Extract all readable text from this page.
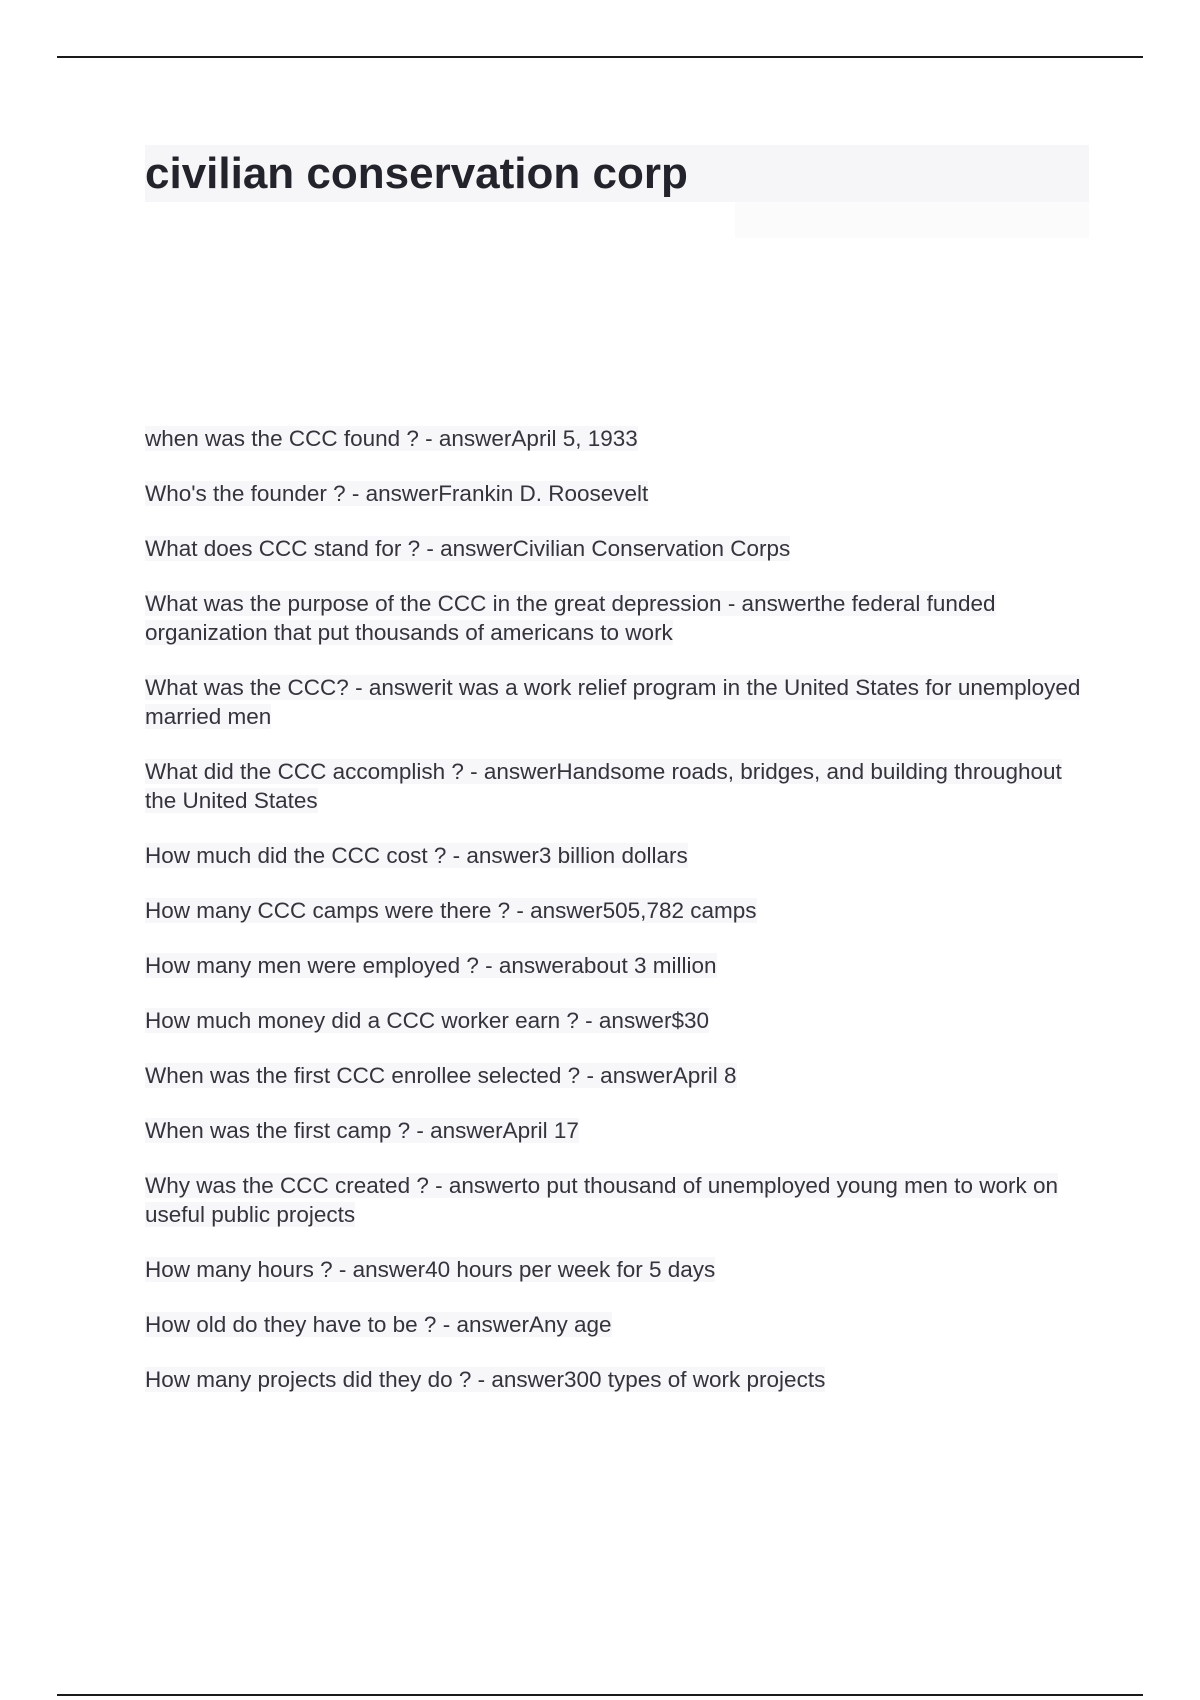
civilian conservation corp
when was the CCC found ? - answerApril 5, 1933
Who's the founder ? - answerFrankin D. Roosevelt
What does CCC stand for ? - answerCivilian Conservation Corps
What was the purpose of the CCC in the great depression - answerthe federal funded organization that put thousands of americans to work
What was the CCC? - answerit was a work relief program in the United States for unemployed married men
What did the CCC accomplish ? - answerHandsome roads, bridges, and building throughout the United States
How much did the CCC cost ? - answer3 billion dollars
How many CCC camps were there ? - answer505,782 camps
How many men were employed ? - answerabout 3 million
How much money did a CCC worker earn ? - answer$30
When was the first CCC enrollee selected ? - answerApril 8
When was the first camp ? - answerApril 17
Why was the CCC created ? - answerto put thousand of unemployed young men to work on useful public projects
How many hours ? - answer40 hours per week for 5 days
How old do they have to be ? - answerAny age
How many projects did they do ? - answer300 types of work projects
